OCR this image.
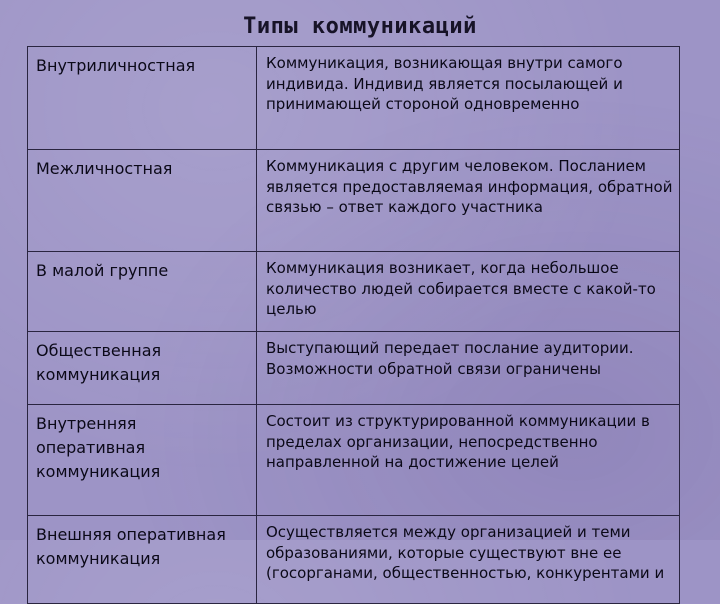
Типы коммуникаций
Внутриличностная	Коммуникация, возникающая внутри самого индивида. Индивид является посылающей и принимающей стороной одновременно
Межличностная	Коммуникация с другим человеком. Посланием является предоставляемая информация, обратной связью – ответ каждого участника
В малой группе	Коммуникация возникает, когда небольшое количество людей собирается вместе с какой-то целью
Общественная коммуникация	Выступающий передает послание аудитории. Возможности обратной связи ограничены
Внутренняя оперативная коммуникация	Состоит из структурированной коммуникации в пределах организации, непосредственно направленной на достижение целей
Внешняя оперативная коммуникация	Осуществляется между организацией и теми образованиями, которые существуют вне ее (госорганами, общественностью, конкурентами и
